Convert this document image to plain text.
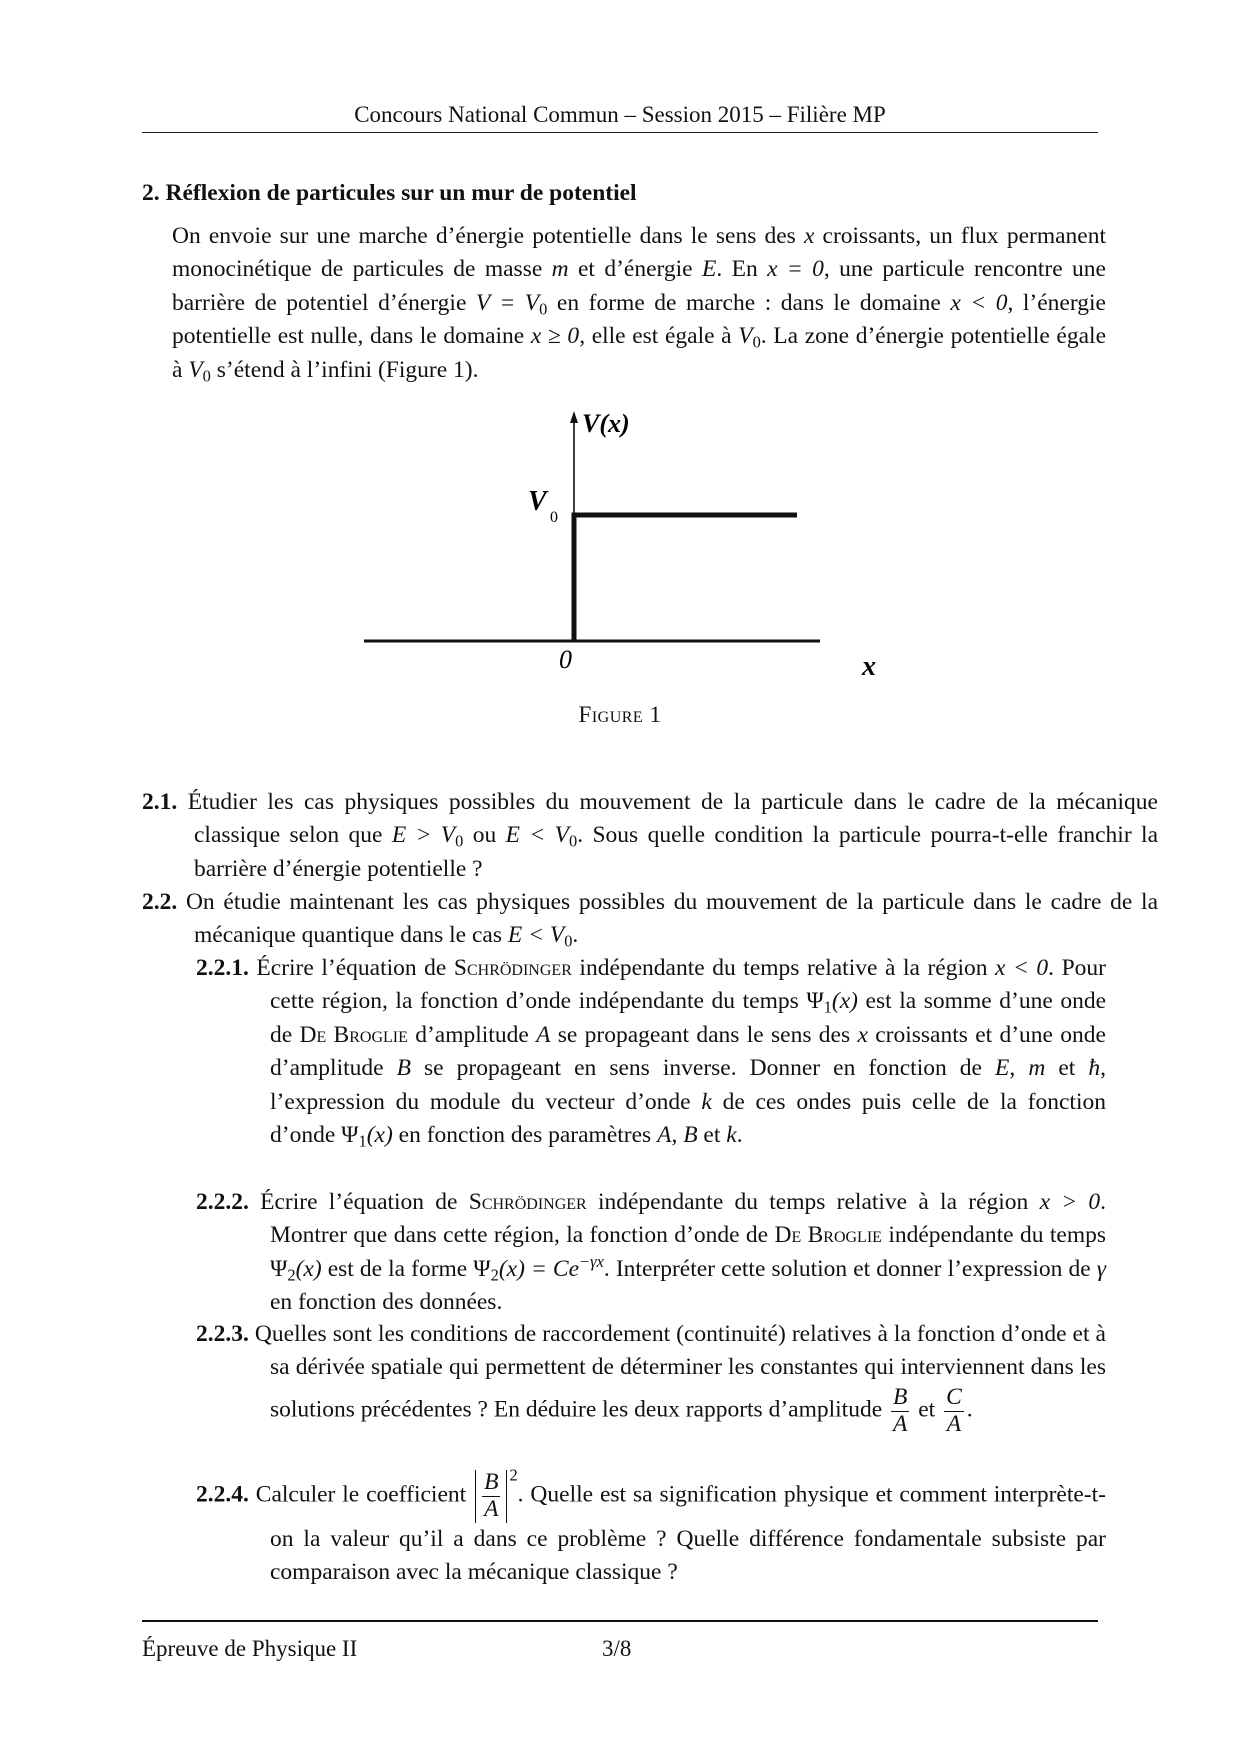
Concours National Commun – Session 2015 – Filière MP
2. Réflexion de particules sur un mur de potentiel
On envoie sur une marche d’énergie potentielle dans le sens des x croissants, un flux permanent monocinétique de particules de masse m et d’énergie E. En x = 0, une particule rencontre une barrière de potentiel d’énergie $V = V_0$ en forme de marche : dans le domaine x < 0, l’énergie potentielle est nulle, dans le domaine x ≥ 0, elle est égale à $V_0$. La zone d’énergie potentielle égale à $V_0$ s’étend à l’infini (Figure 1).
V(x)
V
0
0	x
Figure 1
2.1. Étudier les cas physiques possibles du mouvement de la particule dans le cadre de la mécanique classique selon que $E > V_0$ ou $E < V_0$. Sous quelle condition la particule pourra-t-elle franchir la barrière d’énergie potentielle ?
2.2. On étudie maintenant les cas physiques possibles du mouvement de la particule dans le cadre de la mécanique quantique dans le cas $E < V_0$.
2.2.1. Écrire l’équation de Schrödinger indépendante du temps relative à la région x < 0. Pour cette région, la fonction d’onde indépendante du temps $\Psi_1(x)$ est la somme d’une onde de De Broglie d’amplitude A se propageant dans le sens des x croissants et d’une onde d’amplitude B se propageant en sens inverse. Donner en fonction de E, m et ħ, l’expression du module du vecteur d’onde k de ces ondes puis celle de la fonction d’onde $\Psi_1(x)$ en fonction des paramètres A, B et k.
2.2.2. Écrire l’équation de Schrödinger indépendante du temps relative à la région x > 0. Montrer que dans cette région, la fonction d’onde de De Broglie indépendante du temps $\Psi_2(x)$ est de la forme $\Psi_2(x) = Ce^{-\gamma x}$. Interpréter cette solution et donner l’expression de γ en fonction des données.
2.2.3. Quelles sont les conditions de raccordement (continuité) relatives à la fonction d’onde et à sa dérivée spatiale qui permettent de déterminer les constantes qui interviennent dans les solutions précédentes ? En déduire les deux rapports d’amplitude $\frac{B}{A}$ et $\frac{C}{A}$ .
2.2.4. Calculer le coefficient $\frac{B}{A} ^2$. Quelle est sa signification physique et comment interprète-t-on la valeur qu’il a dans ce problème ? Quelle différence fondamentale subsiste par comparaison avec la mécanique classique ?
Épreuve de Physique II	3/8
